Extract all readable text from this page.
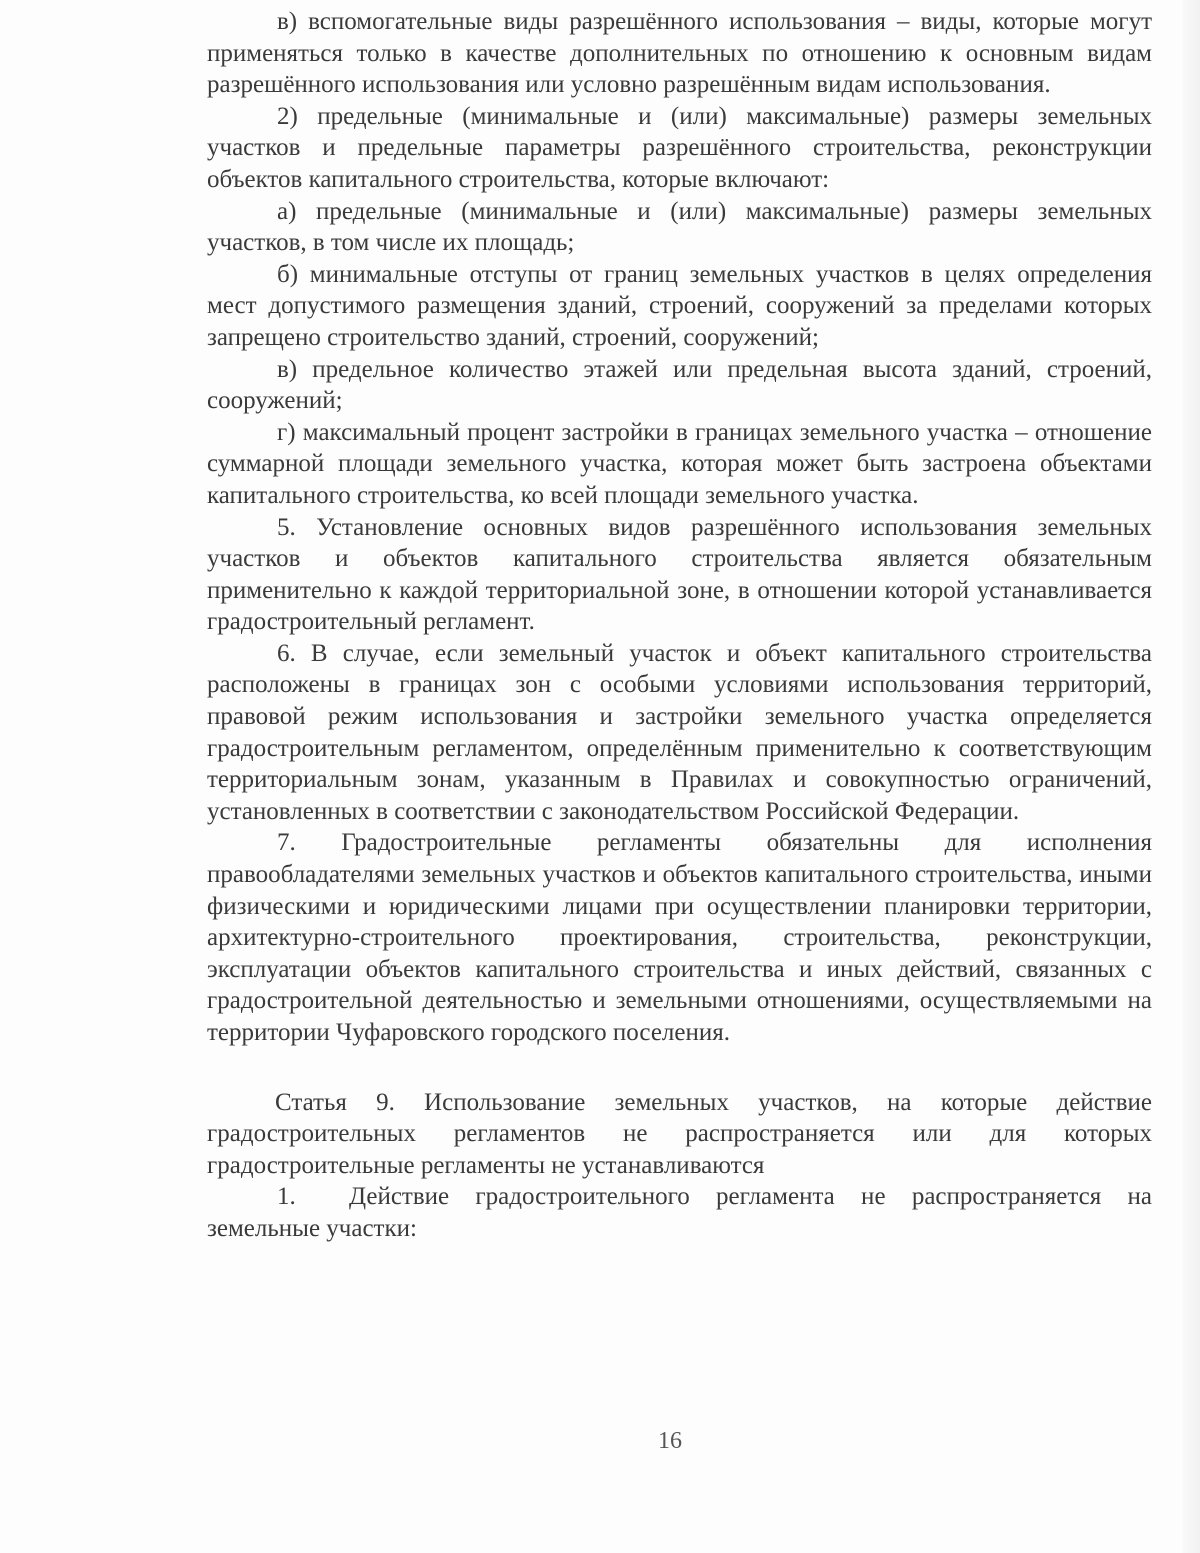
в) вспомогательные виды разрешённого использования – виды, которые могут применяться только в качестве дополнительных по отношению к основным видам разрешённого использования или условно разрешённым видам использования.

2) предельные (минимальные и (или) максимальные) размеры земельных участков и предельные параметры разрешённого строительства, реконструкции объектов капитального строительства, которые включают:

а) предельные (минимальные и (или) максимальные) размеры земельных участков, в том числе их площадь;

б) минимальные отступы от границ земельных участков в целях определения мест допустимого размещения зданий, строений, сооружений за пределами которых запрещено строительство зданий, строений, сооружений;

в) предельное количество этажей или предельная высота зданий, строений, сооружений;

г) максимальный процент застройки в границах земельного участка – отношение суммарной площади земельного участка, которая может быть застроена объектами капитального строительства, ко всей площади земельного участка.

5. Установление основных видов разрешённого использования земельных участков и объектов капитального строительства является обязательным применительно к каждой территориальной зоне, в отношении которой устанавливается градостроительный регламент.

6. В случае, если земельный участок и объект капитального строительства расположены в границах зон с особыми условиями использования территорий, правовой режим использования и застройки земельного участка определяется градостроительным регламентом, определённым применительно к соответствующим территориальным зонам, указанным в Правилах и совокупностью ограничений, установленных в соответствии с законодательством Российской Федерации.

7. Градостроительные регламенты обязательны для исполнения правообладателями земельных участков и объектов капитального строительства, иными физическими и юридическими лицами при осуществлении планировки территории, архитектурно-строительного проектирования, строительства, реконструкции, эксплуатации объектов капитального строительства и иных действий, связанных с градостроительной деятельностью и земельными отношениями, осуществляемыми на территории Чуфаровского городского поселения.

Статья 9. Использование земельных участков, на которые действие градостроительных регламентов не распространяется или для которых градостроительные регламенты не устанавливаются

1. Действие градостроительного регламента не распространяется на земельные участки:

16
